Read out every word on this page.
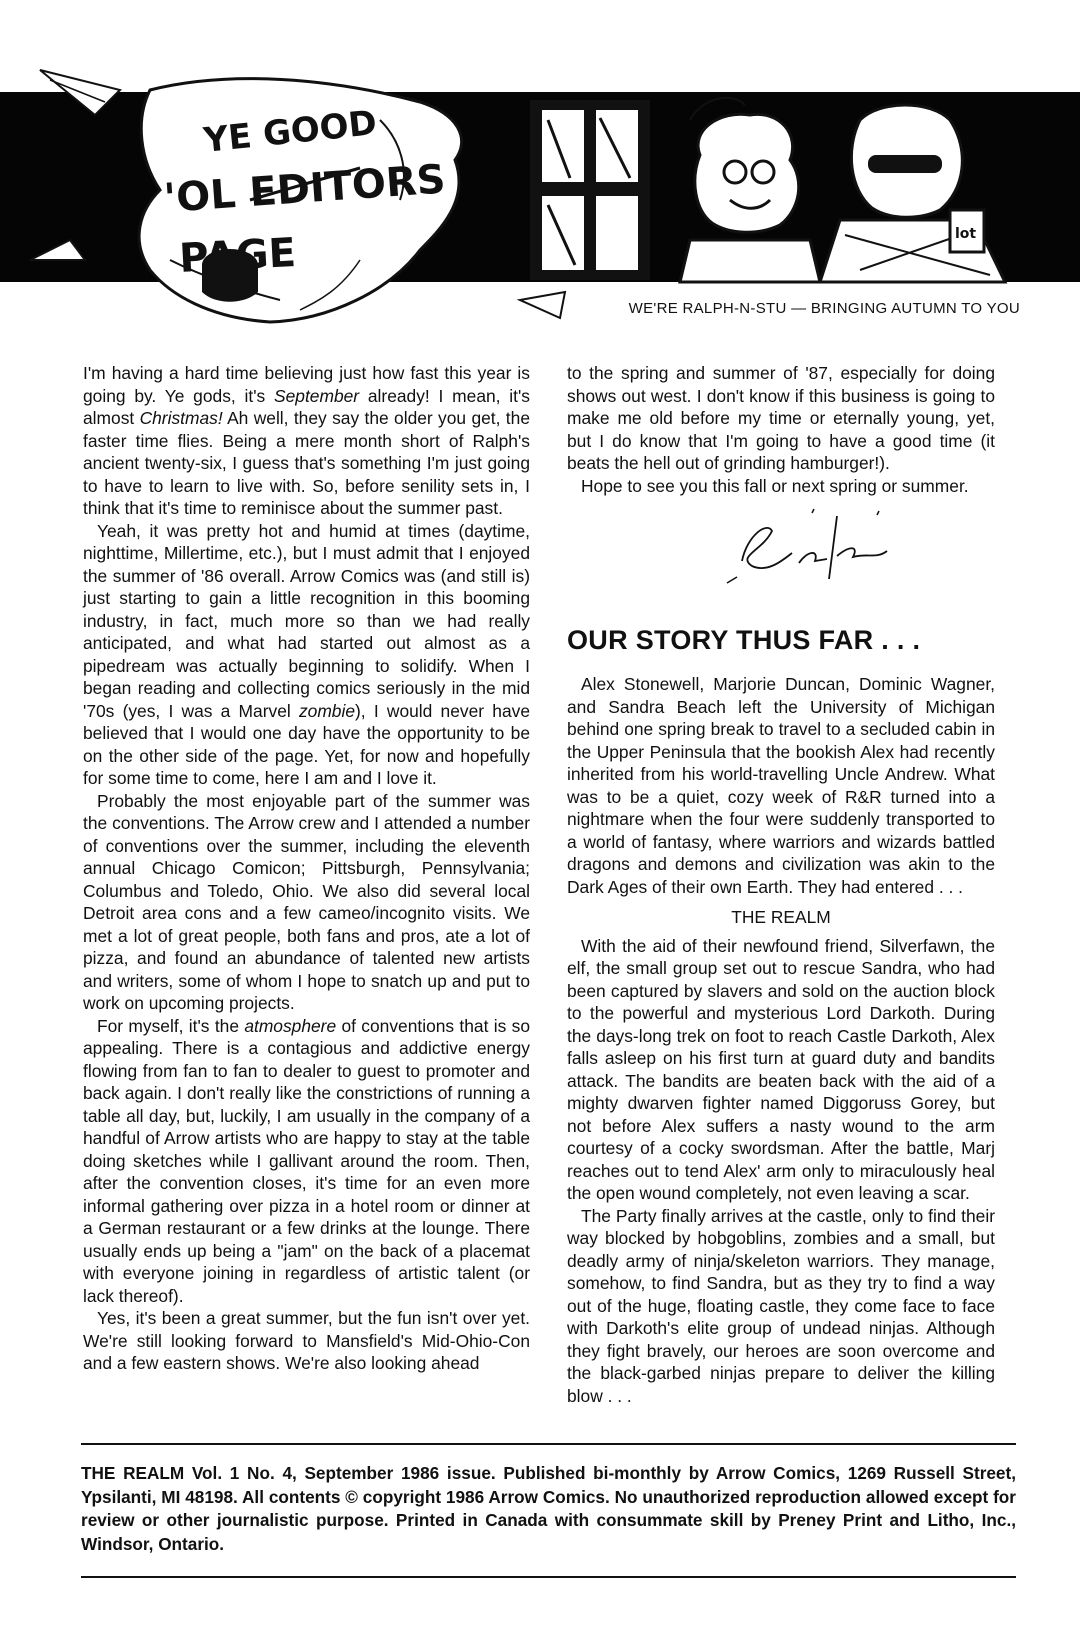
YE GOOD
'OL EDITORS
PAGE	lot
WE'RE RALPH-N-STU — BRINGING AUTUMN TO YOU

I'm having a hard time believing just how fast this year is going by. Ye gods, it's September already! I mean, it's almost Christmas! Ah well, they say the older you get, the faster time flies. Being a mere month short of Ralph's ancient twenty-six, I guess that's something I'm just going to have to learn to live with. So, before senility sets in, I think that it's time to reminisce about the summer past.

Yeah, it was pretty hot and humid at times (daytime, nighttime, Millertime, etc.), but I must admit that I enjoyed the summer of '86 overall. Arrow Comics was (and still is) just starting to gain a little recognition in this booming industry, in fact, much more so than we had really anticipated, and what had started out almost as a pipedream was actually beginning to solidify. When I began reading and collecting comics seriously in the mid '70s (yes, I was a Marvel zombie), I would never have believed that I would one day have the opportunity to be on the other side of the page. Yet, for now and hopefully for some time to come, here I am and I love it.

Probably the most enjoyable part of the summer was the conventions. The Arrow crew and I attended a number of conventions over the summer, including the eleventh annual Chicago Comicon; Pittsburgh, Pennsylvania; Columbus and Toledo, Ohio. We also did several local Detroit area cons and a few cameo/incognito visits. We met a lot of great people, both fans and pros, ate a lot of pizza, and found an abundance of talented new artists and writers, some of whom I hope to snatch up and put to work on upcoming projects.

For myself, it's the atmosphere of conventions that is so appealing. There is a contagious and addictive energy flowing from fan to fan to dealer to guest to promoter and back again. I don't really like the constrictions of running a table all day, but, luckily, I am usually in the company of a handful of Arrow artists who are happy to stay at the table doing sketches while I gallivant around the room. Then, after the convention closes, it's time for an even more informal gathering over pizza in a hotel room or dinner at a German restaurant or a few drinks at the lounge. There usually ends up being a "jam" on the back of a placemat with everyone joining in regardless of artistic talent (or lack thereof).

Yes, it's been a great summer, but the fun isn't over yet. We're still looking forward to Mansfield's Mid-Ohio-Con and a few eastern shows. We're also looking ahead

to the spring and summer of '87, especially for doing shows out west. I don't know if this business is going to make me old before my time or eternally young, yet, but I do know that I'm going to have a good time (it beats the hell out of grinding hamburger!).

Hope to see you this fall or next spring or summer.

OUR STORY THUS FAR . . .

Alex Stonewell, Marjorie Duncan, Dominic Wagner, and Sandra Beach left the University of Michigan behind one spring break to travel to a secluded cabin in the Upper Peninsula that the bookish Alex had recently inherited from his world-travelling Uncle Andrew. What was to be a quiet, cozy week of R&R turned into a nightmare when the four were suddenly transported to a world of fantasy, where warriors and wizards battled dragons and demons and civilization was akin to the Dark Ages of their own Earth. They had entered . . .

THE REALM

With the aid of their newfound friend, Silverfawn, the elf, the small group set out to rescue Sandra, who had been captured by slavers and sold on the auction block to the powerful and mysterious Lord Darkoth. During the days-long trek on foot to reach Castle Darkoth, Alex falls asleep on his first turn at guard duty and bandits attack. The bandits are beaten back with the aid of a mighty dwarven fighter named Diggoruss Gorey, but not before Alex suffers a nasty wound to the arm courtesy of a cocky swordsman. After the battle, Marj reaches out to tend Alex' arm only to miraculously heal the open wound completely, not even leaving a scar.

The Party finally arrives at the castle, only to find their way blocked by hobgoblins, zombies and a small, but deadly army of ninja/skeleton warriors. They manage, somehow, to find Sandra, but as they try to find a way out of the huge, floating castle, they come face to face with Darkoth's elite group of undead ninjas. Although they fight bravely, our heroes are soon overcome and the black-garbed ninjas prepare to deliver the killing blow . . .

THE REALM Vol. 1 No. 4, September 1986 issue. Published bi-monthly by Arrow Comics, 1269 Russell Street, Ypsilanti, MI 48198. All contents © copyright 1986 Arrow Comics. No unauthorized reproduction allowed except for review or other journalistic purpose. Printed in Canada with consummate skill by Preney Print and Litho, Inc., Windsor, Ontario.
